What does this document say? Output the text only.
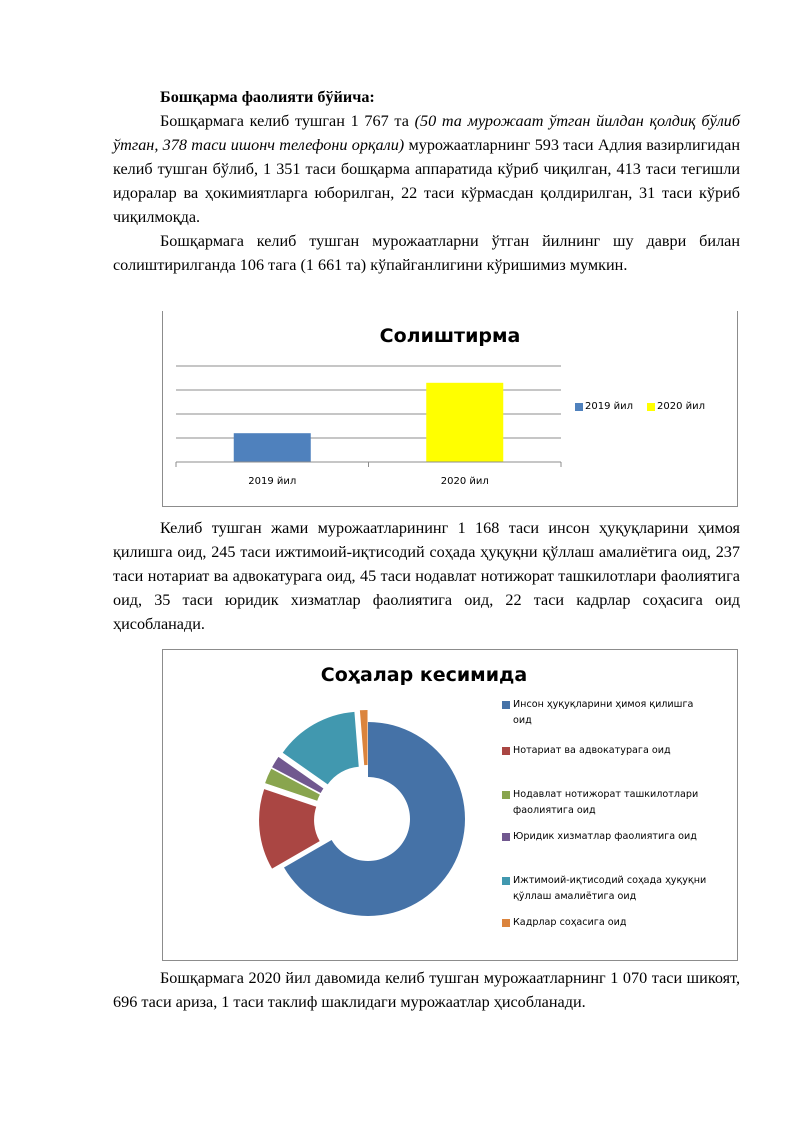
Бошқарма фаолияти бўйича:
Бошқармага келиб тушган 1 767 та (50 та мурожаат ўтган йилдан қолдиқ бўлиб ўтган, 378 таси ишонч телефони орқали) мурожаатларнинг 593 таси Адлия вазирлигидан келиб тушган бўлиб, 1 351 таси бошқарма аппаратида кўриб чиқилган, 413 таси тегишли идоралар ва ҳокимиятларга юборилган, 22 таси кўрмасдан қолдирилган, 31 таси кўриб чиқилмоқда.
Бошқармага келиб тушган мурожаатларни ўтган йилнинг шу даври билан солиштирилганда 106 тага (1 661 та) кўпайганлигини кўришимиз мумкин.
Солиштирма
2019 йил	2020 йил
2019 йил 2020 йил
Келиб тушган жами мурожаатларининг 1 168 таси инсон ҳуқуқларини ҳимоя қилишга оид, 245 таси ижтимоий-иқтисодий соҳада ҳуқуқни қўллаш амалиётига оид, 237 таси нотариат ва адвокатурага оид, 45 таси нодавлат нотижорат ташкилотлари фаолиятига оид, 35 таси юридик хизматлар фаолиятига оид, 22 таси кадрлар соҳасига оид ҳисобланади.
Соҳалар кесимида
Инсон ҳуқуқларини ҳимоя қилишга
оид
Нотариат ва адвокатурага оид
Нодавлат нотижорат ташкилотлари
фаолиятига оид
Юридик хизматлар фаолиятига оид
Ижтимоий-иқтисодий соҳада ҳуқуқни
қўллаш амалиётига оид
Кадрлар соҳасига оид
Бошқармага 2020 йил давомида келиб тушган мурожаатларнинг 1 070 таси шикоят, 696 таси ариза, 1 таси таклиф шаклидаги мурожаатлар ҳисобланади.
